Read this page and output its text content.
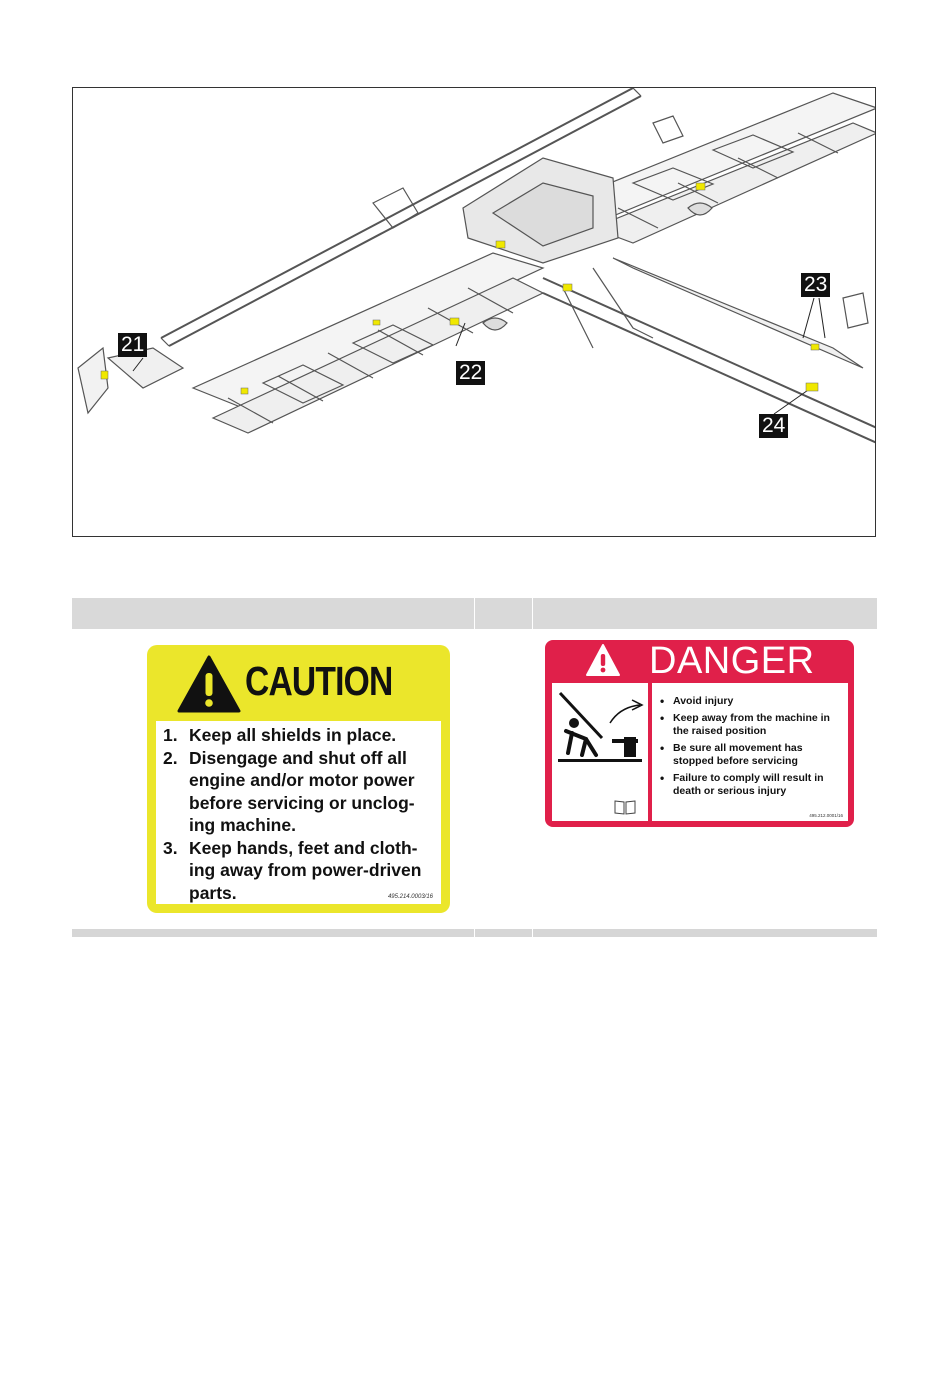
21
22
23
24
CAUTION
1. Keep all shields in place.
2. Disengage and shut off all engine and/or motor power before servicing or unclog-ing machine.
3. Keep hands, feet and cloth-ing away from power-driven parts.	495.214.0003/16
DANGER
• Avoid injury
• Keep away from the machine in the raised position
• Be sure all movement has stopped before servicing
• Failure to comply will result in death or serious injury
495.212.0001/16
